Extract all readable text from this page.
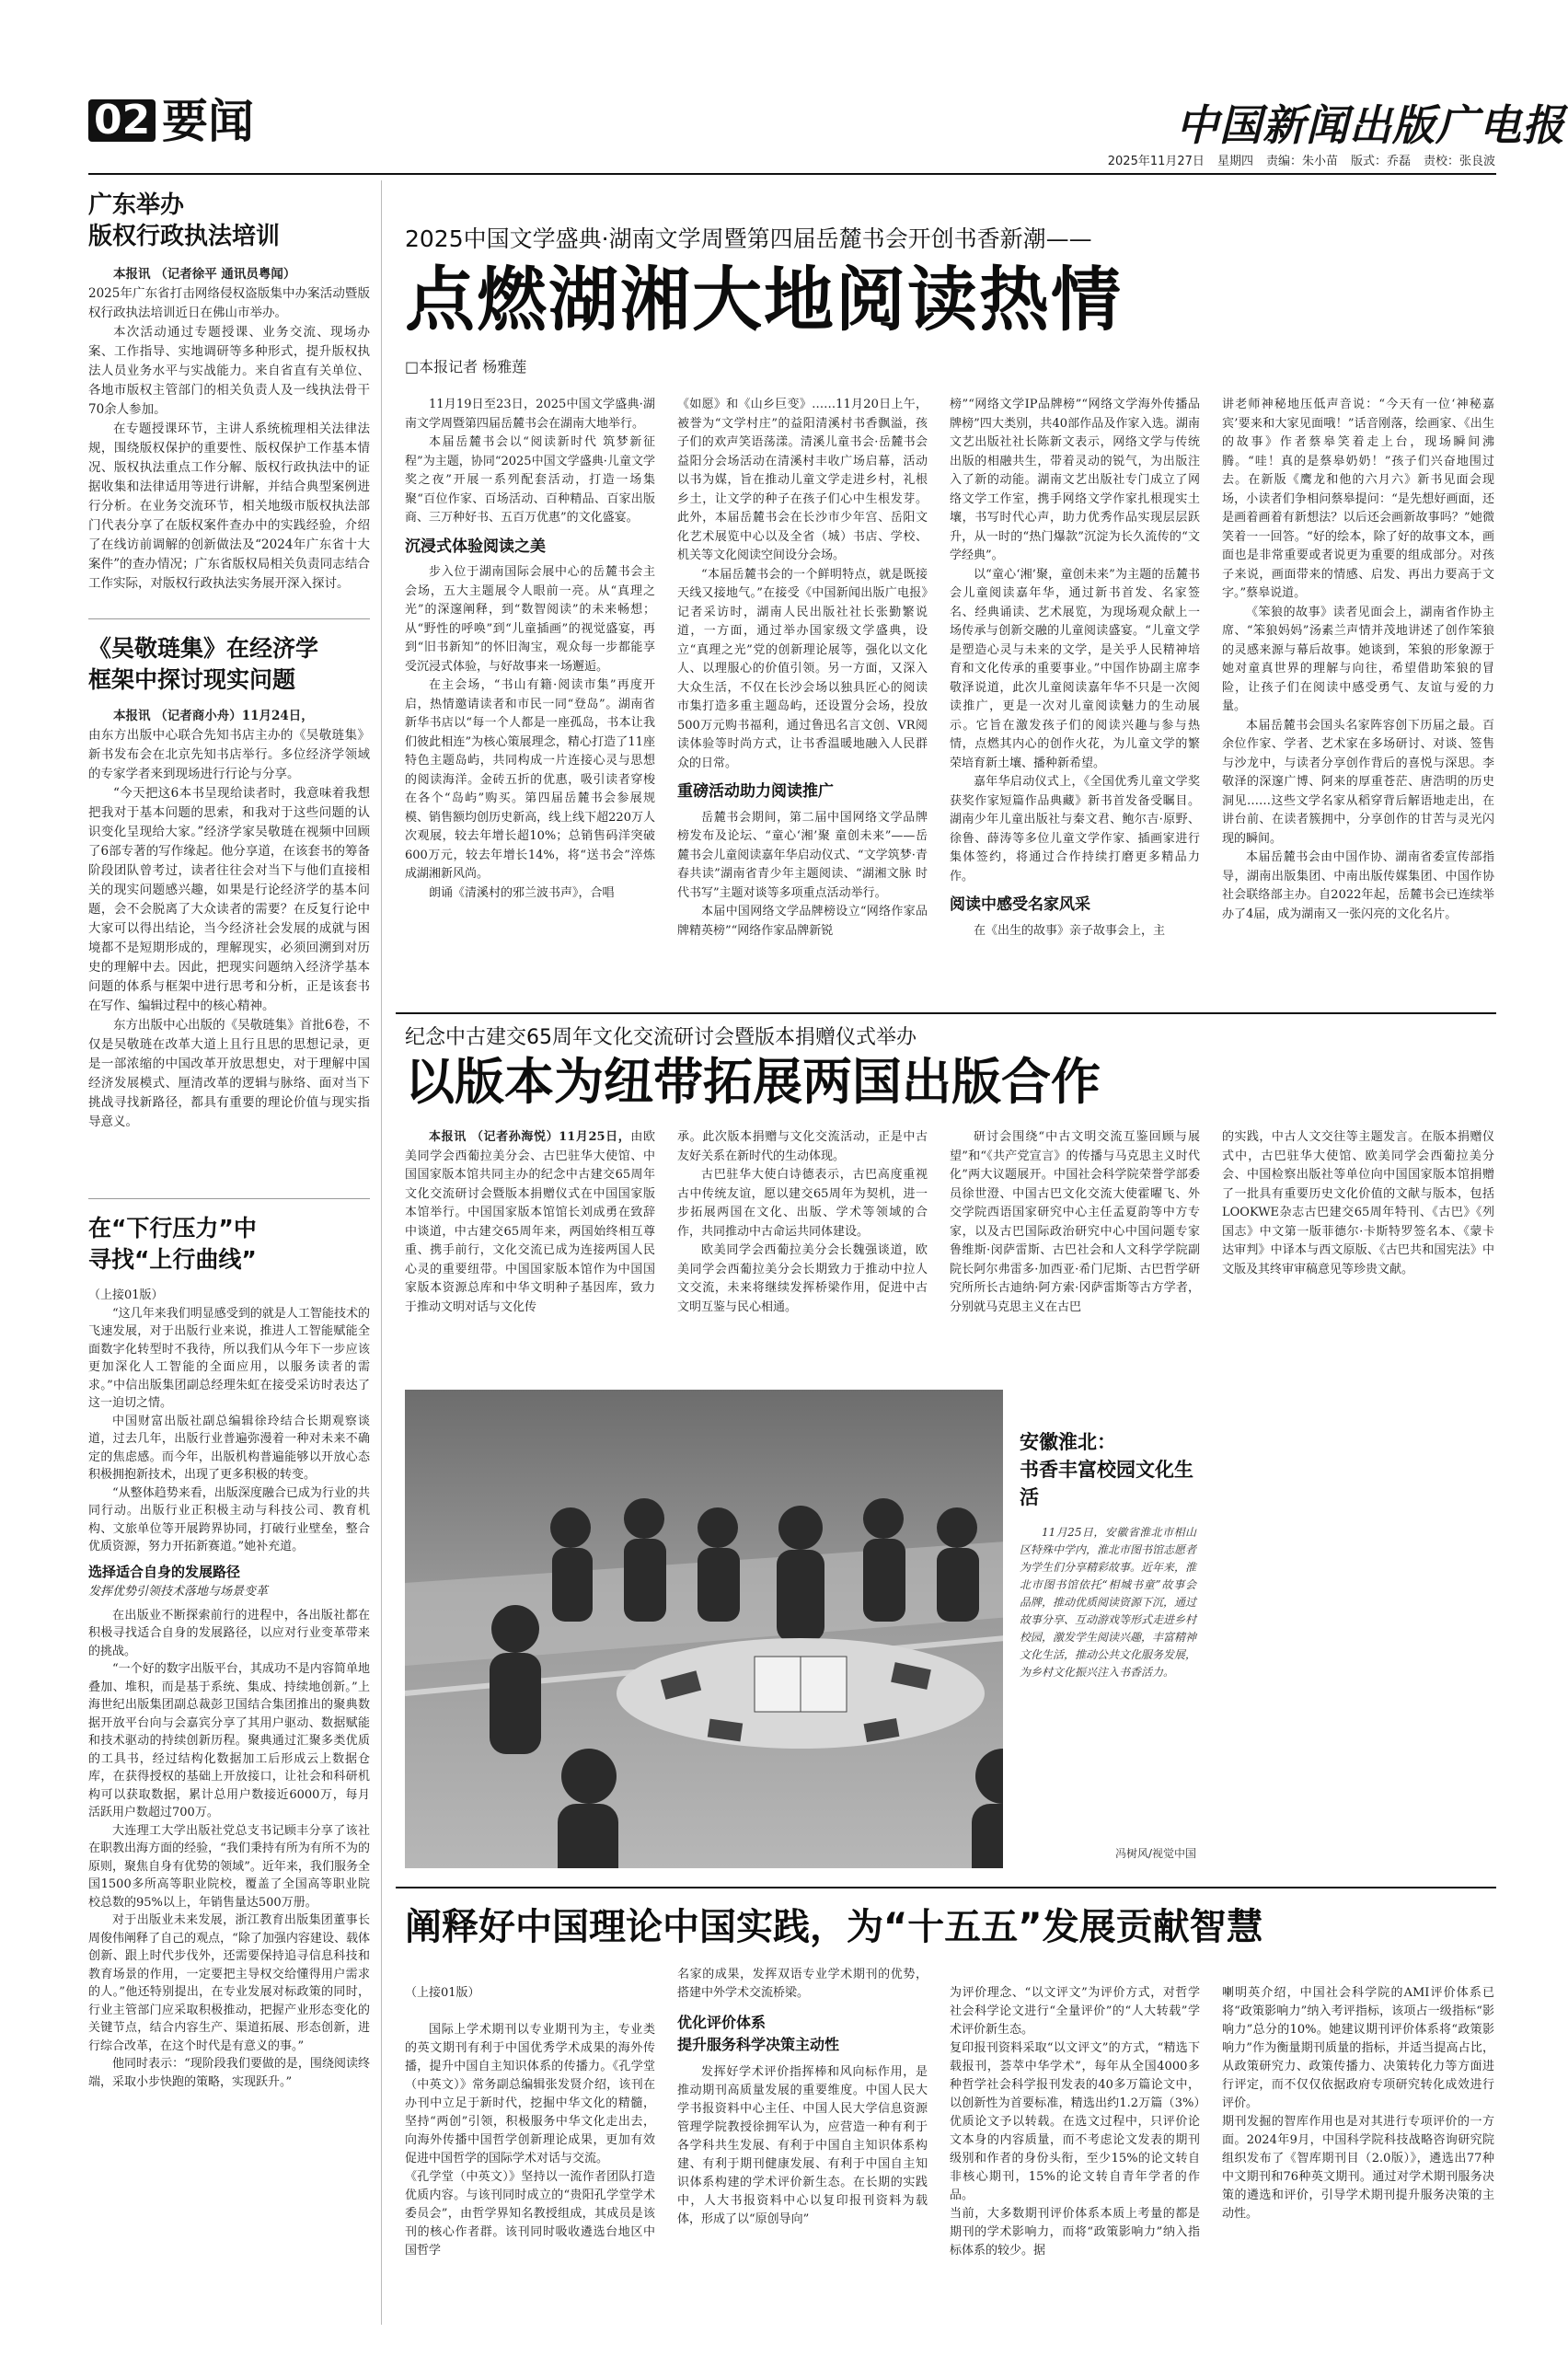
02 要闻	中国新闻出版广电报
2025年11月27日 星期四 责编：朱小苗 版式：乔磊 责校：张良波
广东举办
版权行政执法培训

本报讯 （记者徐平 通讯员粤闻）

2025年广东省打击网络侵权盗版集中办案活动暨版权行政执法培训近日在佛山市举办。

本次活动通过专题授课、业务交流、现场办案、工作指导、实地调研等多种形式，提升版权执法人员业务水平与实战能力。来自省直有关单位、各地市版权主管部门的相关负责人及一线执法骨干70余人参加。

在专题授课环节，主讲人系统梳理相关法律法规，围绕版权保护的重要性、版权保护工作基本情况、版权执法重点工作分解、版权行政执法中的证据收集和法律适用等进行讲解，并结合典型案例进行分析。在业务交流环节，相关地级市版权执法部门代表分享了在版权案件查办中的实践经验，介绍了在线访前调解的创新做法及“2024年广东省十大案件”的查办情况；广东省版权局相关负责同志结合工作实际，对版权行政执法实务展开深入探讨。

《吴敬琏集》在经济学
框架中探讨现实问题

本报讯 （记者商小舟）11月24日，

由东方出版中心联合先知书店主办的《吴敬琏集》新书发布会在北京先知书店举行。多位经济学领域的专家学者来到现场进行行论与分享。

“今天把这6本书呈现给读者时，我意味着我想把我对于基本问题的思索，和我对于这些问题的认识变化呈现给大家。”经济学家吴敬琏在视频中回顾了6部专著的写作缘起。他分享道，在该套书的筹备阶段团队曾考过，读者往往会对当下与他们直接相关的现实问题感兴趣，如果是行论经济学的基本问题，会不会脱离了大众读者的需要？在反复行论中大家可以得出结论，当今经济社会发展的成就与困境都不是短期形成的，理解现实，必须回溯到对历史的理解中去。因此，把现实问题纳入经济学基本问题的体系与框架中进行思考和分析，正是该套书在写作、编辑过程中的核心精神。

东方出版中心出版的《吴敬琏集》首批6卷，不仅是吴敬琏在改革大道上且行且思的思想记录，更是一部浓缩的中国改革开放思想史，对于理解中国经济发展模式、厘清改革的逻辑与脉络、面对当下挑战寻找新路径，都具有重要的理论价值与现实指导意义。

在“下行压力”中
寻找“上行曲线”

（上接01版）

“这几年来我们明显感受到的就是人工智能技术的飞速发展，对于出版行业来说，推进人工智能赋能全面数字化转型时不我待，所以我们从今年下一步应该更加深化人工智能的全面应用，以服务读者的需求。”中信出版集团副总经理朱虹在接受采访时表达了这一迫切之情。

中国财富出版社副总编辑徐玲结合长期观察谈道，过去几年，出版行业普遍弥漫着一种对未来不确定的焦虑感。而今年，出版机构普遍能够以开放心态积极拥抱新技术，出现了更多积极的转变。

“从整体趋势来看，出版深度融合已成为行业的共同行动。出版行业正积极主动与科技公司、教育机构、文旅单位等开展跨界协同，打破行业壁垒，整合优质资源，努力开拓新赛道。”她补充道。

选择适合自身的发展路径
发挥优势引领技术落地与场景变革

在出版业不断探索前行的进程中，各出版社都在积极寻找适合自身的发展路径，以应对行业变革带来的挑战。

“一个好的数字出版平台，其成功不是内容简单地叠加、堆积，而是基于系统、集成、持续地创新。”上海世纪出版集团副总裁彭卫国结合集团推出的聚典数据开放平台向与会嘉宾分享了其用户驱动、数据赋能和技术驱动的持续创新历程。聚典通过汇聚多类优质的工具书，经过结构化数据加工后形成云上数据仓库，在获得授权的基础上开放接口，让社会和科研机构可以获取数据，累计总用户数接近6000万，每月活跃用户数超过700万。

大连理工大学出版社党总支书记顾丰分享了该社在职教出海方面的经验，“我们秉持有所为有所不为的原则，聚焦自身有优势的领域”。近年来，我们服务全国1500多所高等职业院校，覆盖了全国高等职业院校总数的95%以上，年销售量达500万册。

对于出版业未来发展，浙江教育出版集团董事长周俊伟阐释了自己的观点，“除了加强内容建设、载体创新、跟上时代步伐外，还需要保持追寻信息科技和教育场景的作用，一定要把主导权交给懂得用户需求的人。”他还特别提出，在专业发展对标政策的同时，行业主管部门应采取积极推动，把握产业形态变化的关键节点，结合内容生产、渠道拓展、形态创新，进行综合改革，在这个时代是有意义的事。”

他同时表示：“现阶段我们要做的是，围绕阅读终端，采取小步快跑的策略，实现跃升。”

2025中国文学盛典·湖南文学周暨第四届岳麓书会开创书香新潮——
点燃湖湘大地阅读热情
□本报记者 杨雅莲

11月19日至23日，2025中国文学盛典·湖南文学周暨第四届岳麓书会在湖南大地举行。

本届岳麓书会以“阅读新时代 筑梦新征程”为主题，协同“2025中国文学盛典·儿童文学奖之夜”开展一系列配套活动，打造一场集聚“百位作家、百场活动、百种精品、百家出版商、三万种好书、五百万优惠”的文化盛宴。

沉浸式体验阅读之美

步入位于湖南国际会展中心的岳麓书会主会场，五大主题展令人眼前一亮。从“真理之光”的深邃阐释，到“数智阅读”的未来畅想；从“野性的呼唤”到“儿童插画”的视觉盛宴，再到“旧书新知”的怀旧淘宝，观众每一步都能享受沉浸式体验，与好故事来一场邂逅。

在主会场，“书山有籍·阅读市集”再度开启，热情邀请读者和市民一同“登岛”。湖南省新华书店以“每一个人都是一座孤岛，书本让我们彼此相连”为核心策展理念，精心打造了11座特色主题岛屿，共同构成一片连接心灵与思想的阅读海洋。金砖五折的优惠，吸引读者穿梭在各个“岛屿”购买。第四届岳麓书会参展规模、销售额均创历史新高，线上线下超220万人次观展，较去年增长超10%；总销售码洋突破600万元，较去年增长14%，将“送书会”淬炼成湖湘新风尚。

朗诵《清溪村的邪兰波书声》，合唱

《如愿》和《山乡巨变》……11月20日上午，被誉为“文学村庄”的益阳清溪村书香飘溢，孩子们的欢声笑语荡漾。清溪儿童书会·岳麓书会益阳分会场活动在清溪村丰收广场启幕，活动以书为媒，旨在推动儿童文学走进乡村，礼根乡土，让文学的种子在孩子们心中生根发芽。此外，本届岳麓书会在长沙市少年宫、岳阳文化艺术展览中心以及全省（城）书店、学校、机关等文化阅读空间设分会场。

“本届岳麓书会的一个鲜明特点，就是既接天线又接地气。”在接受《中国新闻出版广电报》记者采访时，湖南人民出版社社长张勤繁说道，一方面，通过举办国家级文学盛典，设立“真理之光”党的创新理论展等，强化以文化人、以理服心的价值引领。另一方面，又深入大众生活，不仅在长沙会场以独具匠心的阅读市集打造多重主题岛屿，还设置分会场，投放500万元购书福利，通过鲁迅名言文创、VR阅读体验等时尚方式，让书香温暖地融入人民群众的日常。

重磅活动助力阅读推广

岳麓书会期间，第二届中国网络文学品牌榜发布及论坛、“童心‘湘’聚 童创未来”——岳麓书会儿童阅读嘉年华启动仪式、“文学筑梦·青春共读”湖南省青少年主题阅读、“湖湘文脉 时代书写”主题对谈等多项重点活动举行。

本届中国网络文学品牌榜设立“网络作家品牌精英榜”“网络作家品牌新锐

榜”“网络文学IP品牌榜”“网络文学海外传播品牌榜”四大类别，共40部作品及作家入选。湖南文艺出版社社长陈新文表示，网络文学与传统出版的相融共生，带着灵动的锐气，为出版注入了新的动能。湖南文艺出版社专门成立了网络文学工作室，携手网络文学作家扎根现实土壤，书写时代心声，助力优秀作品实现层层跃升，从一时的“热门爆款”沉淀为长久流传的“文学经典”。

以“童心‘湘’聚，童创未来”为主题的岳麓书会儿童阅读嘉年华，通过新书首发、名家签名、经典诵读、艺术展览，为现场观众献上一场传承与创新交融的儿童阅读盛宴。“儿童文学是塑造心灵与未来的文学，是关乎人民精神培育和文化传承的重要事业。”中国作协副主席李敬泽说道，此次儿童阅读嘉年华不只是一次阅读推广，更是一次对儿童阅读魅力的生动展示。它旨在激发孩子们的阅读兴趣与参与热情，点燃其内心的创作火花，为儿童文学的繁荣培育新土壤、播种新希望。

嘉年华启动仪式上，《全国优秀儿童文学奖获奖作家短篇作品典藏》新书首发备受瞩目。湖南少年儿童出版社与秦文君、鲍尔吉·原野、徐鲁、薛涛等多位儿童文学作家、插画家进行集体签约，将通过合作持续打磨更多精品力作。

阅读中感受名家风采

在《出生的故事》亲子故事会上，主

讲老师神秘地压低声音说：“今天有一位‘神秘嘉宾’要来和大家见面哦！”话音刚落，绘画家、《出生的故事》作者蔡皋笑着走上台，现场瞬间沸腾。“哇！真的是蔡皋奶奶！”孩子们兴奋地围过去。在新版《鹰龙和他的六月六》新书见面会现场，小读者们争相问蔡皋提问：“是先想好画面，还是画着画着有新想法？以后还会画新故事吗？”她微笑着一一回答。“好的绘本，除了好的故事文本，画面也是非常重要或者说更为重要的组成部分。对孩子来说，画面带来的情感、启发、再出力要高于文字。”蔡皋说道。

《笨狼的故事》读者见面会上，湖南省作协主席、“笨狼妈妈”汤素兰声情并茂地讲述了创作笨狼的灵感来源与幕后故事。她谈到，笨狼的形象源于她对童真世界的理解与向往，希望借助笨狼的冒险，让孩子们在阅读中感受勇气、友谊与爱的力量。

本届岳麓书会国头名家阵容创下历届之最。百余位作家、学者、艺术家在多场研讨、对谈、签售与沙龙中，与读者分享创作背后的喜悦与深思。李敬泽的深邃广博、阿来的厚重苍茫、唐浩明的历史洞见……这些文学名家从稻穿背后解语地走出，在讲台前、在读者簇拥中，分享创作的甘苦与灵光闪现的瞬间。

本届岳麓书会由中国作协、湖南省委宣传部指导，湖南出版集团、中南出版传媒集团、中国作协社会联络部主办。自2022年起，岳麓书会已连续举办了4届，成为湖南又一张闪亮的文化名片。

纪念中古建交65周年文化交流研讨会暨版本捐赠仪式举办
以版本为纽带拓展两国出版合作

本报讯 （记者孙海悦）11月25日，由欧美同学会西葡拉美分会、古巴驻华大使馆、中国国家版本馆共同主办的纪念中古建交65周年文化交流研讨会暨版本捐赠仪式在中国国家版本馆举行。中国国家版本馆馆长刘成勇在致辞中谈道，中古建交65周年来，两国始终相互尊重、携手前行，文化交流已成为连接两国人民心灵的重要纽带。中国国家版本馆作为中国国家版本资源总库和中华文明种子基因库，致力于推动文明对话与文化传

承。此次版本捐赠与文化交流活动，正是中古友好关系在新时代的生动体现。

古巴驻华大使白诗德表示，古巴高度重视古中传统友谊，愿以建交65周年为契机，进一步拓展两国在文化、出版、学术等领域的合作，共同推动中古命运共同体建设。

欧美同学会西葡拉美分会长魏强谈道，欧美同学会西葡拉美分会长期致力于推动中拉人文交流，未来将继续发挥桥梁作用，促进中古文明互鉴与民心相通。

研讨会围绕“中古文明交流互鉴回顾与展望”和“《共产党宣言》的传播与马克思主义时代化”两大议题展开。中国社会科学院荣誉学部委员徐世澄、中国古巴文化交流大使霍曜飞、外交学院西语国家研究中心主任孟夏韵等中方专家，以及古巴国际政治研究中心中国问题专家鲁维斯·闵萨雷斯、古巴社会和人文科学学院副院长阿尔弗雷多·加西亚·希门尼斯、古巴哲学研究所所长古迪纳·阿方索·冈萨雷斯等古方学者，分别就马克思主义在古巴

的实践，中古人文交往等主题发言。在版本捐赠仪式中，古巴驻华大使馆、欧美同学会西葡拉美分会、中国检察出版社等单位向中国国家版本馆捐赠了一批具有重要历史文化价值的文献与版本，包括LOOKWE杂志古巴建交65周年特刊、《古巴》《列国志》中文第一版菲德尔·卡斯特罗签名本、《蒙卡达审判》中译本与西文原版、《古巴共和国宪法》中文版及其终审审稿意见等珍贵文献。

安徽淮北：
书香丰富校园文化生活
11月25日，安徽省淮北市相山区特殊中学内，淮北市图书馆志愿者为学生们分享精彩故事。近年来，淮北市图书馆依托“相城书童”故事会品牌，推动优质阅读资源下沉，通过故事分享、互动游戏等形式走进乡村校园，激发学生阅读兴趣，丰富精神文化生活，推动公共文化服务发展，为乡村文化振兴注入书香活力。
冯树风/视觉中国
阐释好中国理论中国实践，为“十五五”发展贡献智慧

（上接01版）

国际上学术期刊以专业期刊为主，专业类的英文期刊有利于中国优秀学术成果的海外传播，提升中国自主知识体系的传播力。《孔学堂（中英文）》常务副总编辑张发贤介绍，该刊在办刊中立足于新时代，挖掘中华文化的精髓，坚持“两创”引领，积极服务中华文化走出去，向海外传播中国哲学创新理论成果，更加有效促进中国哲学的国际学术对话与交流。
《孔学堂（中英文）》坚持以一流作者团队打造优质内容。与该刊同时成立的“贵阳孔学堂学术委员会”，由哲学界知名教授组成，其成员是该刊的核心作者群。该刊同时吸收遴选台地区中国哲学

名家的成果，发挥双语专业学术期刊的优势，搭建中外学术交流桥梁。

优化评价体系
提升服务科学决策主动性

发挥好学术评价指挥棒和风向标作用，是推动期刊高质量发展的重要维度。中国人民大学书报资料中心主任、中国人民大学信息资源管理学院教授徐拥军认为，应营造一种有利于各学科共生发展、有利于中国自主知识体系构建、有利于期刊健康发展、有利于中国自主知识体系构建的学术评价新生态。在长期的实践中，人大书报资料中心以复印报刊资料为载体，形成了以“原创导向”

为评价理念、“以文评文”为评价方式，对哲学社会科学论文进行“全量评价”的“人大转载”学术评价新生态。
复印报刊资料采取“以文评文”的方式，“精选下载报刊，荟萃中华学术”，每年从全国4000多种哲学社会科学报刊发表的40多万篇论文中，以创新性为首要标准，精选出约1.2万篇（3%）优质论文予以转载。在选文过程中，只评价论文本身的内容质量，而不考虑论文发表的期刊级别和作者的身份头衔，至少15%的论文转自非核心期刊，15%的论文转自青年学者的作品。
当前，大多数期刊评价体系本质上考量的都是期刊的学术影响力，而将“政策影响力”纳入指标体系的较少。据

喇明英介绍，中国社会科学院的AMI评价体系已将“政策影响力”纳入考评指标，该项占一级指标“影响力”总分的10%。她建议期刊评价体系将“政策影响力”作为衡量期刊质量的指标，并适当提高占比，从政策研究力、政策传播力、决策转化力等方面进行评定，而不仅仅依据政府专项研究转化成效进行评价。
期刊发掘的智库作用也是对其进行专项评价的一方面。2024年9月，中国科学院科技战略咨询研究院组织发布了《智库期刊目（2.0版）》，遴选出77种中文期刊和76种英文期刊。通过对学术期刊服务决策的遴选和评价，引导学术期刊提升服务决策的主动性。
